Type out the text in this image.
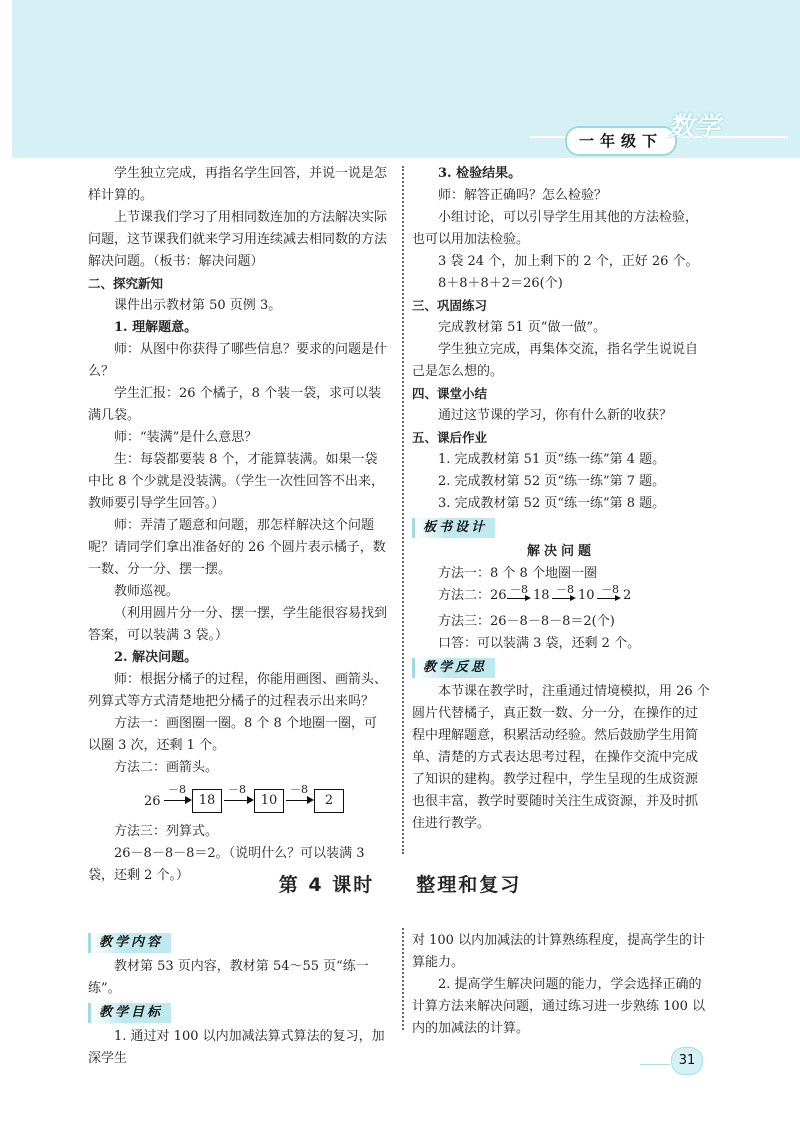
一年级下 数学

学生独立完成，再指名学生回答，并说一说是怎样计算的。

上节课我们学习了用相同数连加的方法解决实际问题，这节课我们就来学习用连续减去相同数的方法解决问题。（板书：解决问题）

二、探究新知

课件出示教材第 50 页例 3。

1. 理解题意。

师：从图中你获得了哪些信息？要求的问题是什么？

学生汇报：26 个橘子，8 个装一袋，求可以装满几袋。

师：“装满”是什么意思？

生：每袋都要装 8 个，才能算装满。如果一袋中比 8 个少就是没装满。（学生一次性回答不出来，教师要引导学生回答。）

师：弄清了题意和问题，那怎样解决这个问题呢？请同学们拿出准备好的 26 个圆片表示橘子，数一数、分一分、摆一摆。

教师巡视。

（利用圆片分一分、摆一摆，学生能很容易找到答案，可以装满 3 袋。）

2. 解决问题。

师：根据分橘子的过程，你能用画图、画箭头、列算式等方式清楚地把分橘子的过程表示出来吗？

方法一：画图圈一圈。8 个 8 个地圈一圈，可以圈 3 次，还剩 1 个。

方法二：画箭头。

26
－8
18
－8
10
－8
2

方法三：列算式。

26－8－8－8＝2。（说明什么？可以装满 3 袋，还剩 2 个。）

3. 检验结果。

师：解答正确吗？怎么检验？

小组讨论，可以引导学生用其他的方法检验，也可以用加法检验。

3 袋 24 个，加上剩下的 2 个，正好 26 个。

8＋8＋8＋2＝26(个)

三、巩固练习

完成教材第 51 页“做一做”。

学生独立完成，再集体交流，指名学生说说自己是怎么想的。

四、课堂小结

通过这节课的学习，你有什么新的收获？

五、课后作业

1. 完成教材第 51 页“练一练”第 4 题。

2. 完成教材第 52 页“练一练”第 7 题。

3. 完成教材第 52 页“练一练”第 8 题。

板书设计

解决问题

方法一：8 个 8 个地圈一圈

方法二：26 －8 18 －8 10 －8 2

方法三：26－8－8－8＝2(个)

口答：可以装满 3 袋，还剩 2 个。

教学反思

本节课在教学时，注重通过情境模拟，用 26 个圆片代替橘子，真正数一数、分一分，在操作的过程中理解题意，积累活动经验。然后鼓励学生用简单、清楚的方式表达思考过程，在操作交流中完成了知识的建构。教学过程中，学生呈现的生成资源也很丰富，教学时要随时关注生成资源，并及时抓住进行教学。

第 4 课时 整理和复习
教学内容

教材第 53 页内容，教材第 54～55 页“练一练”。

教学目标

1. 通过对 100 以内加减法算式算法的复习，加深学生

对 100 以内加减法的计算熟练程度，提高学生的计算能力。

2. 提高学生解决问题的能力，学会选择正确的计算方法来解决问题，通过练习进一步熟练 100 以内的加减法的计算。

31
